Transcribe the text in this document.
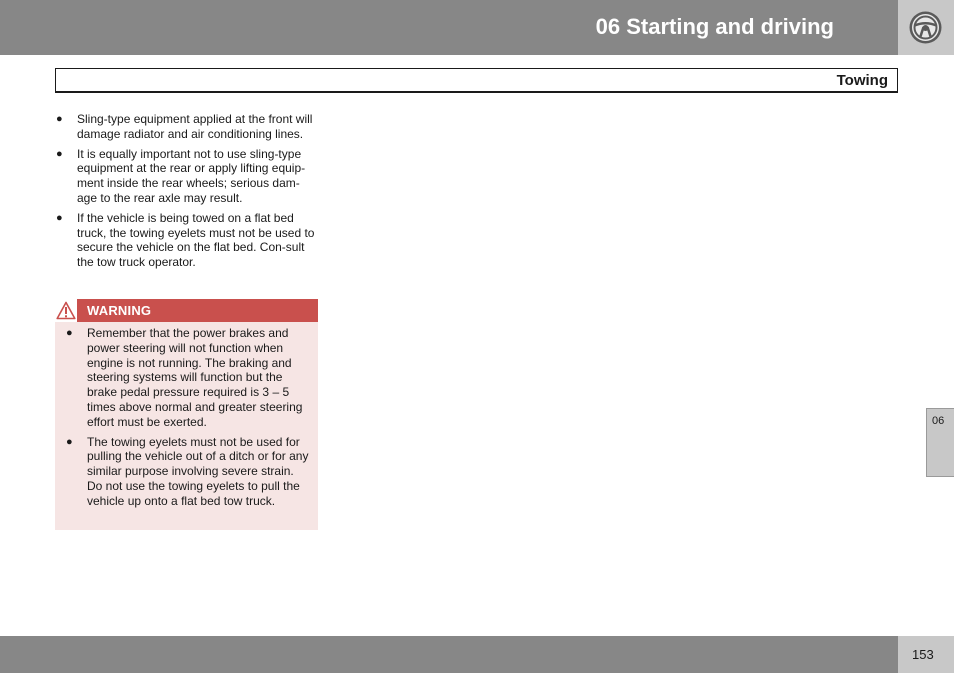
06 Starting and driving
Towing
● Sling-type equipment applied at the front will damage radiator and air conditioning lines.
● It is equally important not to use sling-type equipment at the rear or apply lifting equip-ment inside the rear wheels; serious dam-age to the rear axle may result.
● If the vehicle is being towed on a flat bed truck, the towing eyelets must not be used to secure the vehicle on the flat bed. Con-sult the tow truck operator.
WARNING
● Remember that the power brakes and power steering will not function when engine is not running. The braking and steering systems will function but the brake pedal pressure required is 3 – 5 times above normal and greater steering effort must be exerted.
● The towing eyelets must not be used for pulling the vehicle out of a ditch or for any similar purpose involving severe strain. Do not use the towing eyelets to pull the vehicle up onto a flat bed tow truck.
06
153
